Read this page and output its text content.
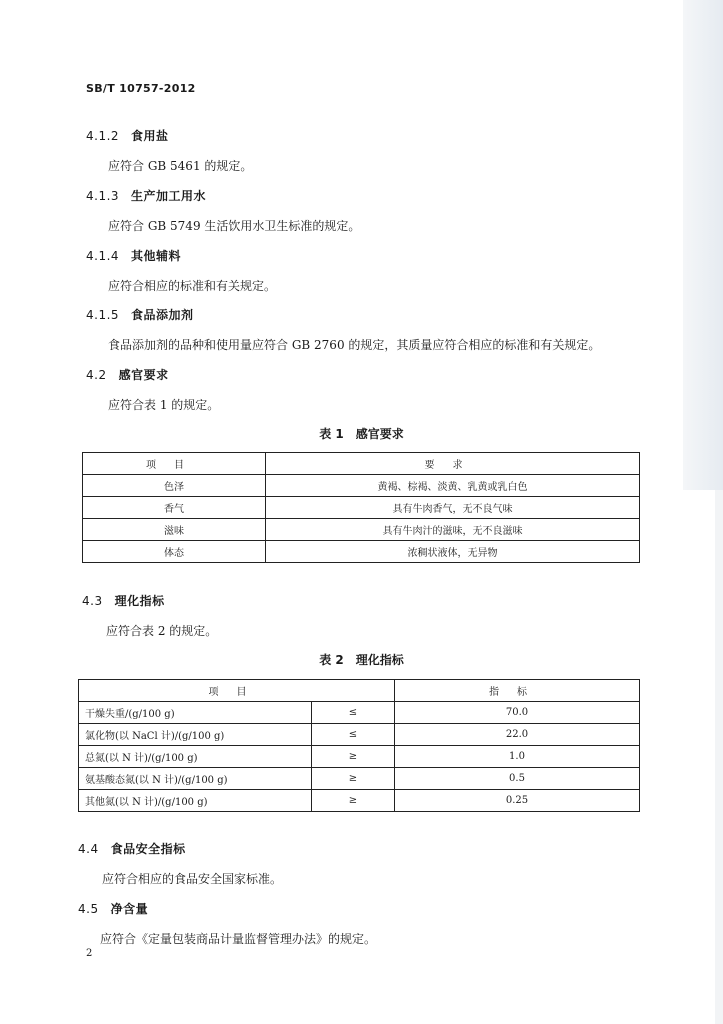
SB/T 10757-2012
4.1.2 食用盐
应符合 GB 5461 的规定。
4.1.3 生产加工用水
应符合 GB 5749 生活饮用水卫生标准的规定。
4.1.4 其他辅料
应符合相应的标准和有关规定。
4.1.5 食品添加剂
食品添加剂的品种和使用量应符合 GB 2760 的规定，其质量应符合相应的标准和有关规定。
4.2 感官要求
应符合表 1 的规定。
表 1　感官要求
项目	要求
色泽	黄褐、棕褐、淡黄、乳黄或乳白色
香气	具有牛肉香气，无不良气味
滋味	具有牛肉汁的滋味，无不良滋味
体态	浓稠状液体，无异物
4.3 理化指标
应符合表 2 的规定。
表 2　理化指标
项目		指标
干燥失重/(g/100 g)	≤	70.0
氯化物(以 NaCl 计)/(g/100 g)	≤	22.0
总氮(以 N 计)/(g/100 g)	≥	1.0
氨基酸态氮(以 N 计)/(g/100 g)	≥	0.5
其他氮(以 N 计)/(g/100 g)	≥	0.25
4.4 食品安全指标
应符合相应的食品安全国家标准。
4.5 净含量
应符合《定量包装商品计量监督管理办法》的规定。
2
